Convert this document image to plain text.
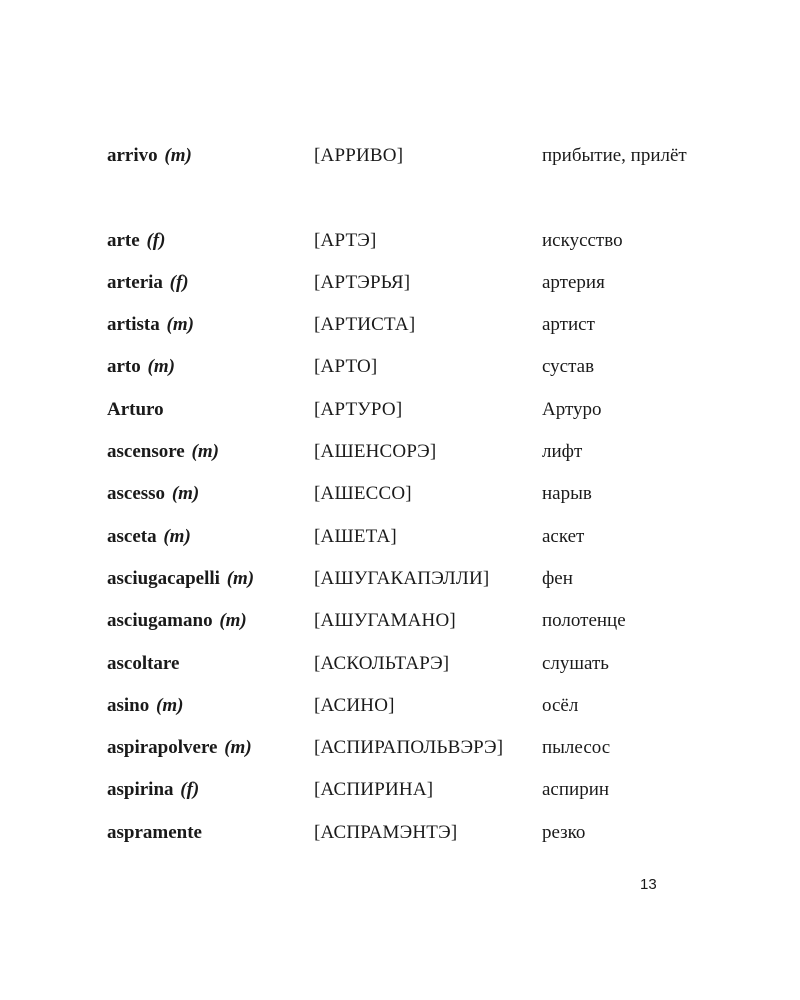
arrivo (m)	[АРРИВО]	прибытие, прилёт
arte (f)	[АРТЭ]	искусство
arteria (f)	[АРТЭРЬЯ]	артерия
artista (m)	[АРТИСТА]	артист
arto (m)	[АРТО]	сустав
Arturo	[АРТУРО]	Артуро
ascensore (m)	[АШЕНСОРЭ]	лифт
ascesso (m)	[АШЕССО]	нарыв
asceta (m)	[АШЕТА]	аскет
asciugacapelli (m)	[АШУГАКАПЭЛЛИ]	фен
asciugamano (m)	[АШУГАМАНО]	полотенце
ascoltare	[АСКОЛЬТАРЭ]	слушать
asino (m)	[АСИНО]	осёл
aspirapolvere (m)	[АСПИРАПОЛЬВЭРЭ] пылесос
aspirina (f)	[АСПИРИНА]	аспирин
aspramente	[АСПРАМЭНТЭ]	резко
13
